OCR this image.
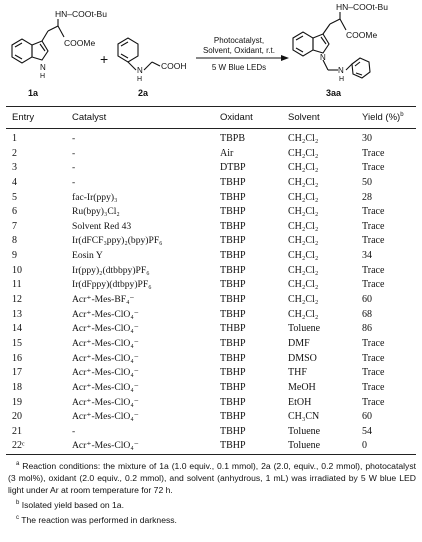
HN–COOt-Bu
COOMe
N
H
1a
+
N
H
COOH
2a
Photocatalyst,
Solvent, Oxidant, r.t.
5 W Blue LEDs
HN–COOt-Bu
COOMe
N
N
H
3aa
Entry	Catalyst	Oxidant	Solvent	Yield (%)$^b$
1	-	TBPB	CH₂Cl₂	30
2	-	Air	CH₂Cl₂	Trace
3	-	DTBP	CH₂Cl₂	Trace
4	-	TBHP	CH₂Cl₂	50
5	fac-Ir(ppy)₃	TBHP	CH₂Cl₂	28
6	Ru(bpy)₃Cl₂	TBHP	CH₂Cl₂	Trace
7	Solvent Red 43	TBHP	CH₂Cl₂	Trace
8	Ir(dFCF₃ppy)₂(bpy)PF₆	TBHP	CH₂Cl₂	Trace
9	Eosin Y	TBHP	CH₂Cl₂	34
10	Ir(ppy)₂(dtbbpy)PF₆	TBHP	CH₂Cl₂	Trace
11	Ir(dFppy)(dtbpy)PF₆	TBHP	CH₂Cl₂	Trace
12	Acr⁺-Mes-BF₄⁻	TBHP	CH₂Cl₂	60
13	Acr⁺-Mes-ClO₄⁻	TBHP	CH₂Cl₂	68
14	Acr⁺-Mes-ClO₄⁻	THBP	Toluene	86
15	Acr⁺-Mes-ClO₄⁻	TBHP	DMF	Trace
16	Acr⁺-Mes-ClO₄⁻	TBHP	DMSO	Trace
17	Acr⁺-Mes-ClO₄⁻	TBHP	THF	Trace
18	Acr⁺-Mes-ClO₄⁻	TBHP	MeOH	Trace
19	Acr⁺-Mes-ClO₄⁻	TBHP	EtOH	Trace
20	Acr⁺-Mes-ClO₄⁻	TBHP	CH₃CN	60
21	-	TBHP	Toluene	54
22ᶜ	Acr⁺-Mes-ClO₄⁻	TBHP	Toluene	0

$^a$ Reaction conditions: the mixture of 1a (1.0 equiv., 0.1 mmol), 2a (2.0, equiv., 0.2 mmol), photocatalyst (3 mol%), oxidant (2.0 equiv., 0.2 mmol), and solvent (anhydrous, 1 mL) was irradiated by 5 W blue LED light under Ar at room temperature for 72 h.

$^b$ Isolated yield based on 1a.

$^c$ The reaction was performed in darkness.
